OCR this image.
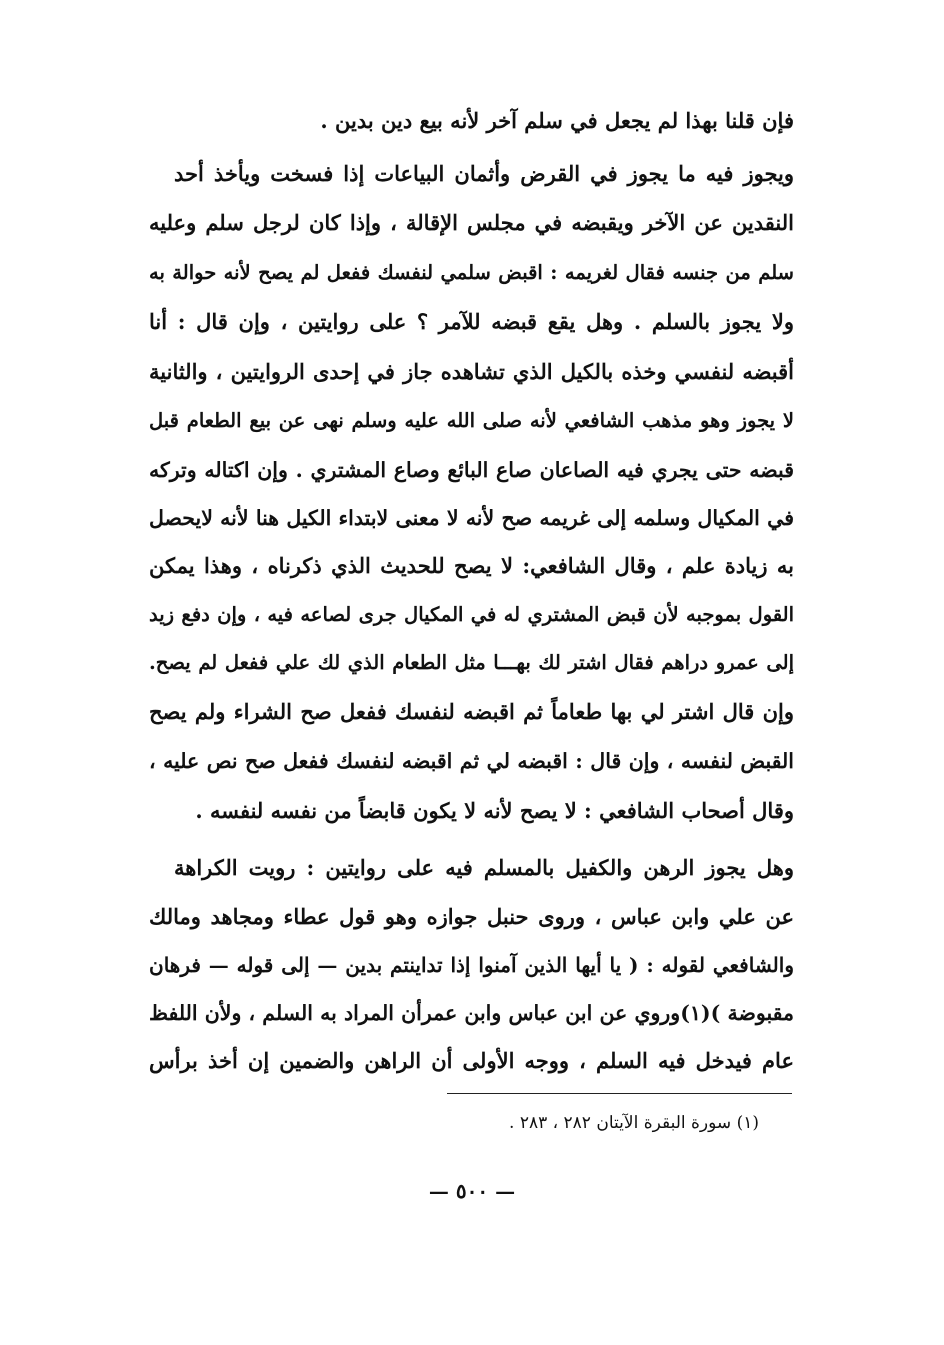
فإن قلنا بهذا لم يجعل في سلم آخر لأنه بيع دين بدين .
ويجوز فيه ما يجوز في القرض وأثمان البياعات إذا فسخت ويأخذ أحد
النقدين عن الآخر ويقبضه في مجلس الإقالة ، وإذا كان لرجل سلم وعليه
سلم من جنسه فقال لغريمه : اقبض سلمي لنفسك ففعل لم يصح لأنه حوالة به
ولا يجوز بالسلم . وهل يقع قبضه للآمر ؟ على روايتين ، وإن قال : أنا
أقبضه لنفسي وخذه بالكيل الذي تشاهده جاز في إحدى الروايتين ، والثانية
لا يجوز وهو مذهب الشافعي لأنه صلى الله عليه وسلم نهى عن بيع الطعام قبل
قبضه حتى يجري فيه الصاعان صاع البائع وصاع المشتري . وإن اكتاله وتركه
في المكيال وسلمه إلى غريمه صح لأنه لا معنى لابتداء الكيل هنا لأنه لايحصل
به زيادة علم ، وقال الشافعي: لا يصح للحديث الذي ذكرناه ، وهذا يمكن
القول بموجبه لأن قبض المشتري له في المكيال جرى لصاعه فيه ، وإن دفع زيد
إلى عمرو دراهم فقال اشتر لك بهـــا مثل الطعام الذي لك علي ففعل لم يصح.
وإن قال اشتر لي بها طعاماً ثم اقبضه لنفسك ففعل صح الشراء ولم يصح
القبض لنفسه ، وإن قال : اقبضه لي ثم اقبضه لنفسك ففعل صح نص عليه ،
وقال أصحاب الشافعي : لا يصح لأنه لا يكون قابضاً من نفسه لنفسه .
وهل يجوز الرهن والكفيل بالمسلم فيه على روايتين : رويت الكراهة
عن علي وابن عباس ، وروى حنبل جوازه وهو قول عطاء ومجاهد ومالك
والشافعي لقوله : ( يا أيها الذين آمنوا إذا تداينتم بدين — إلى قوله — فرهان
مقبوضة )(١)وروي عن ابن عباس وابن عمرأن المراد به السلم ، ولأن اللفظ
عام فيدخل فيه السلم ، ووجه الأولى أن الراهن والضمين إن أخذ برأس
(١) سورة البقرة الآيتان ٢٨٢ ، ٢٨٣ .
— ٥٠٠ —
